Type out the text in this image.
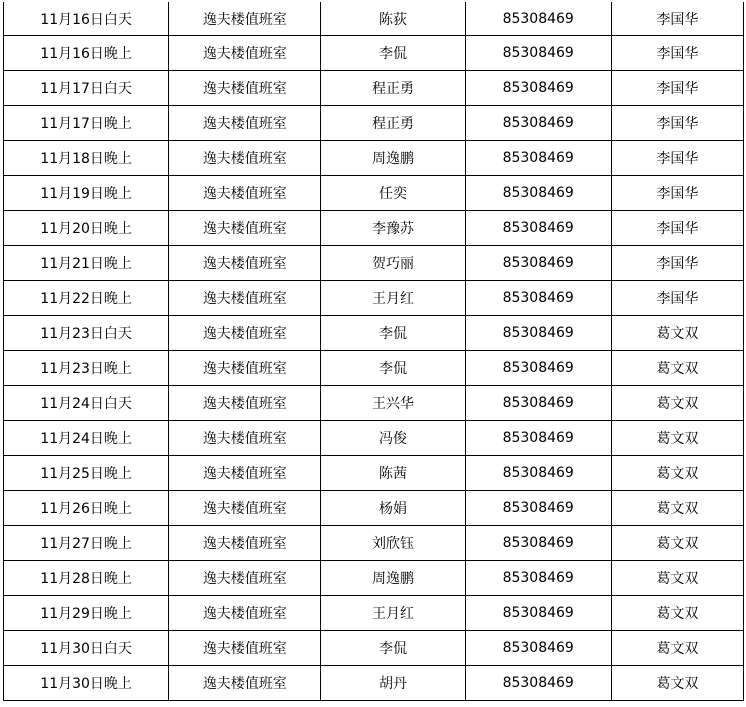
11月16日白天	逸夫楼值班室	陈荻	85308469	李国华
11月16日晚上	逸夫楼值班室	李侃	85308469	李国华
11月17日白天	逸夫楼值班室	程正勇	85308469	李国华
11月17日晚上	逸夫楼值班室	程正勇	85308469	李国华
11月18日晚上	逸夫楼值班室	周逸鹏	85308469	李国华
11月19日晚上	逸夫楼值班室	任奕	85308469	李国华
11月20日晚上	逸夫楼值班室	李豫苏	85308469	李国华
11月21日晚上	逸夫楼值班室	贺巧丽	85308469	李国华
11月22日晚上	逸夫楼值班室	王月红	85308469	李国华
11月23日白天	逸夫楼值班室	李侃	85308469	葛文双
11月23日晚上	逸夫楼值班室	李侃	85308469	葛文双
11月24日白天	逸夫楼值班室	王兴华	85308469	葛文双
11月24日晚上	逸夫楼值班室	冯俊	85308469	葛文双
11月25日晚上	逸夫楼值班室	陈茜	85308469	葛文双
11月26日晚上	逸夫楼值班室	杨娟	85308469	葛文双
11月27日晚上	逸夫楼值班室	刘欣钰	85308469	葛文双
11月28日晚上	逸夫楼值班室	周逸鹏	85308469	葛文双
11月29日晚上	逸夫楼值班室	王月红	85308469	葛文双
11月30日白天	逸夫楼值班室	李侃	85308469	葛文双
11月30日晚上	逸夫楼值班室	胡丹	85308469	葛文双
